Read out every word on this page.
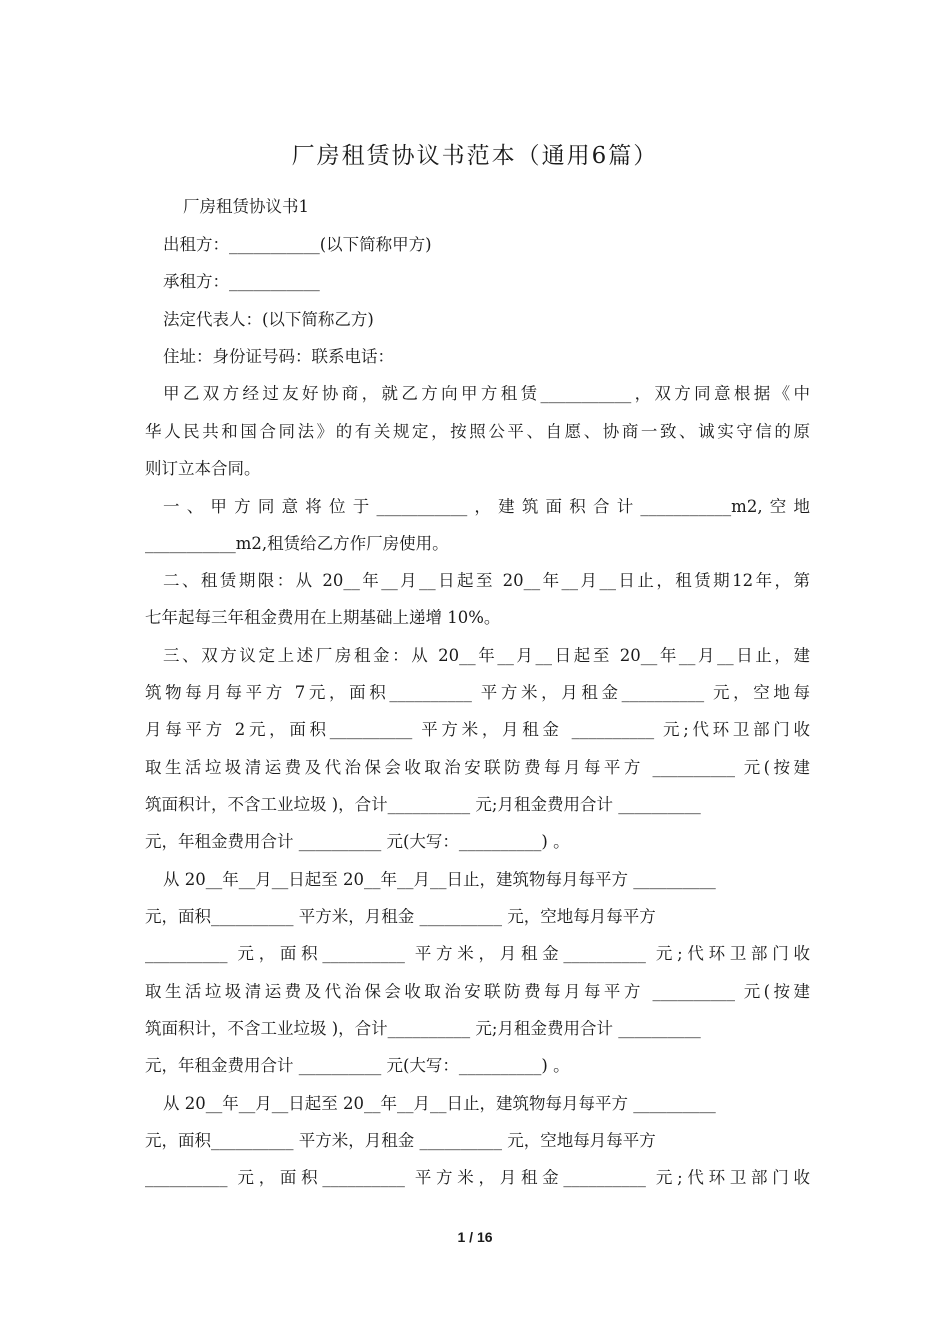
厂房租赁协议书范本（通用6篇）
厂房租赁协议书1
出租方：___________(以下简称甲方)
承租方：___________
法定代表人：(以下简称乙方)
住址：身份证号码：联系电话：
甲乙双方经过友好协商，就乙方向甲方租赁___________，双方同意根据《中
华人民共和国合同法》的有关规定，按照公平、自愿、协商一致、诚实守信的原
则订立本合同。
一、甲方同意将位于___________，建筑面积合计___________m2,空地
___________m2,租赁给乙方作厂房使用。
二、租赁期限：从 20__年__月__日起至 20__年__月__日止，租赁期12年，第
七年起每三年租金费用在上期基础上递增 10%。
三、双方议定上述厂房租金：从 20__年__月__日起至 20__年__月__日止，建
筑物每月每平方 7元，面积__________ 平方米，月租金__________ 元，空地每
月每平方 2元，面积__________ 平方米，月租金 __________ 元;代环卫部门收
取生活垃圾清运费及代治保会收取治安联防费每月每平方 __________ 元(按建
筑面积计，不含工业垃圾 )，合计__________ 元;月租金费用合计 __________
元，年租金费用合计 __________ 元(大写：__________) 。
从 20__年__月__日起至 20__年__月__日止，建筑物每月每平方 __________
元，面积__________ 平方米，月租金 __________ 元，空地每月每平方
__________ 元，面积__________ 平方米，月租金__________ 元;代环卫部门收
取生活垃圾清运费及代治保会收取治安联防费每月每平方 __________ 元(按建
筑面积计，不含工业垃圾 )，合计__________ 元;月租金费用合计 __________
元，年租金费用合计 __________ 元(大写：__________) 。
从 20__年__月__日起至 20__年__月__日止，建筑物每月每平方 __________
元，面积__________ 平方米，月租金 __________ 元，空地每月每平方
__________ 元，面积__________ 平方米，月租金__________ 元;代环卫部门收
1 / 16
